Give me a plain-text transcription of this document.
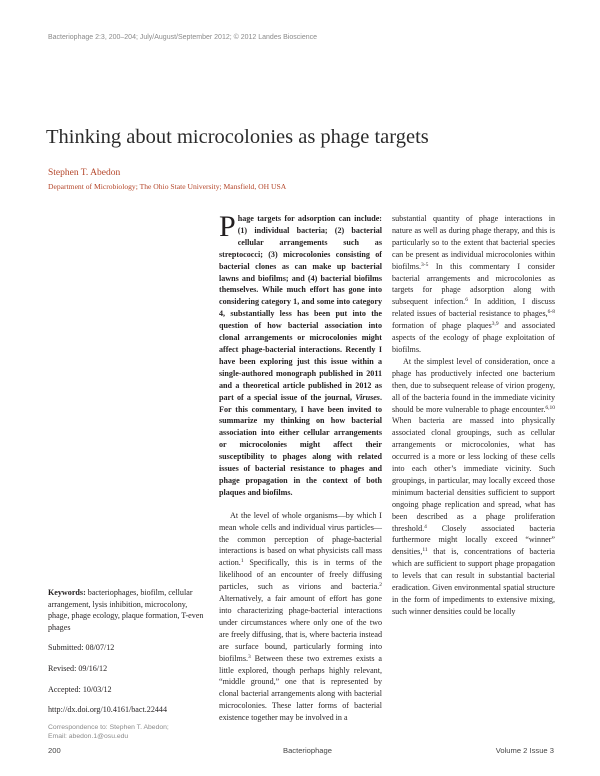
Bacteriophage 2:3, 200–204; July/August/September 2012; © 2012 Landes Bioscience
Thinking about microcolonies as phage targets
Stephen T. Abedon
Department of Microbiology; The Ohio State University; Mansfield, OH USA

Phage targets for adsorption can include: (1) individual bacteria; (2) bacterial cellular arrangements such as streptococci; (3) microcolonies consisting of bacterial clones as can make up bacterial lawns and biofilms; and (4) bacterial biofilms themselves. While much effort has gone into considering category 1, and some into category 4, substantially less has been put into the question of how bacterial association into clonal arrangements or microcolonies might affect phage-bacterial interactions. Recently I have been exploring just this issue within a single-authored monograph published in 2011 and a theoretical article published in 2012 as part of a special issue of the journal, Viruses. For this commentary, I have been invited to summarize my thinking on how bacterial association into either cellular arrangements or microcolonies might affect their susceptibility to phages along with related issues of bacterial resistance to phages and phage propagation in the context of both plaques and biofilms.

At the level of whole organisms—by which I mean whole cells and individual virus particles—the common perception of phage-bacterial interactions is based on what physicists call mass action.$^1$ Specifically, this is in terms of the likelihood of an encounter of freely diffusing particles, such as virions and bacteria.$^2$ Alternatively, a fair amount of effort has gone into characterizing phage-bacterial interactions under circumstances where only one of the two are freely diffusing, that is, where bacteria instead are surface bound, particularly forming into biofilms.$^3$ Between these two extremes exists a little explored, though perhaps highly relevant, “middle ground,” one that is represented by clonal bacterial arrangements along with bacterial microcolonies. These latter forms of bacterial existence together may be involved in a

substantial quantity of phage interactions in nature as well as during phage therapy, and this is particularly so to the extent that bacterial species can be present as individual microcolonies within biofilms.$^{3-5}$ In this commentary I consider bacterial arrangements and microcolonies as targets for phage adsorption along with subsequent infection.$^6$ In addition, I discuss related issues of bacterial resistance to phages,$^{6-8}$ formation of phage plaques$^{3,9}$ and associated aspects of the ecology of phage exploitation of biofilms.

At the simplest level of consideration, once a phage has productively infected one bacterium then, due to subsequent release of virion progeny, all of the bacteria found in the immediate vicinity should be more vulnerable to phage encounter.$^{6,10}$ When bacteria are massed into physically associated clonal groupings, such as cellular arrangements or microcolonies, what has occurred is a more or less locking of these cells into each other’s immediate vicinity. Such groupings, in particular, may locally exceed those minimum bacterial densities sufficient to support ongoing phage replication and spread, what has been described as a phage proliferation threshold.$^4$ Closely associated bacteria furthermore might locally exceed “winner” densities,$^{11}$ that is, concentrations of bacteria which are sufficient to support phage propagation to levels that can result in substantial bacterial eradication. Given environmental spatial structure in the form of impediments to extensive mixing, such winner densities could be locally

Keywords: bacteriophages, biofilm, cellular arrangement, lysis inhibition, microcolony, phage, phage ecology, plaque formation, T-even phages
Submitted: 08/07/12
Revised: 09/16/12
Accepted: 10/03/12
http://dx.doi.org/10.4161/bact.22444
Correspondence to: Stephen T. Abedon;
Email: abedon.1@osu.edu
200	Bacteriophage	Volume 2 Issue 3
